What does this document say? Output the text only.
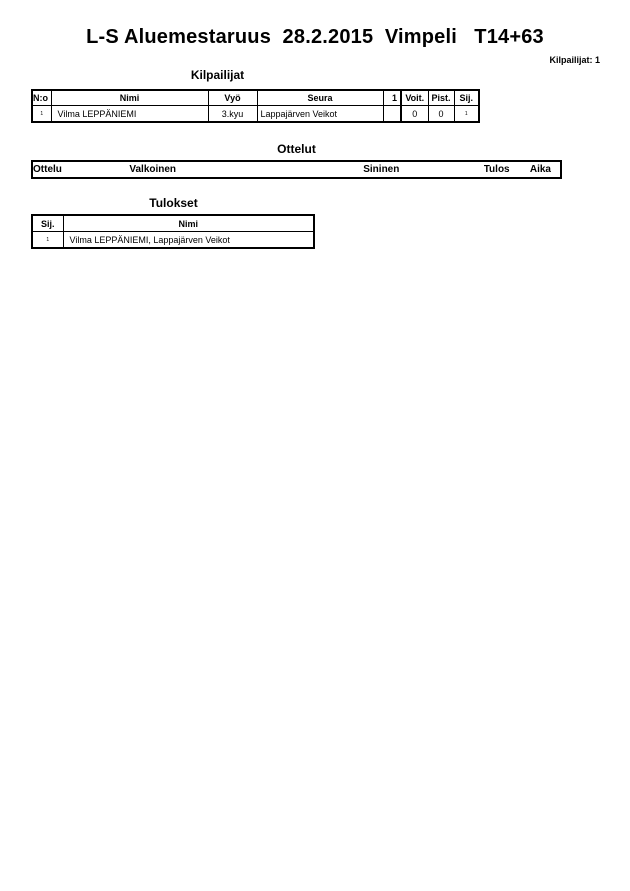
L-S Aluemestaruus  28.2.2015  Vimpeli   T14+63
Kilpailijat: 1
Kilpailijat
N:o	Nimi	Vyö	Seura	1	Voit.	Pist.	Sij.
1	Vilma LEPPÄNIEMI	3.kyu	Lappajärven Veikot		0	0	1
Ottelut
Ottelu	Valkoinen	Sininen	Tulos	Aika
Tulokset
Sij.	Nimi
1	Vilma LEPPÄNIEMI, Lappajärven Veikot
